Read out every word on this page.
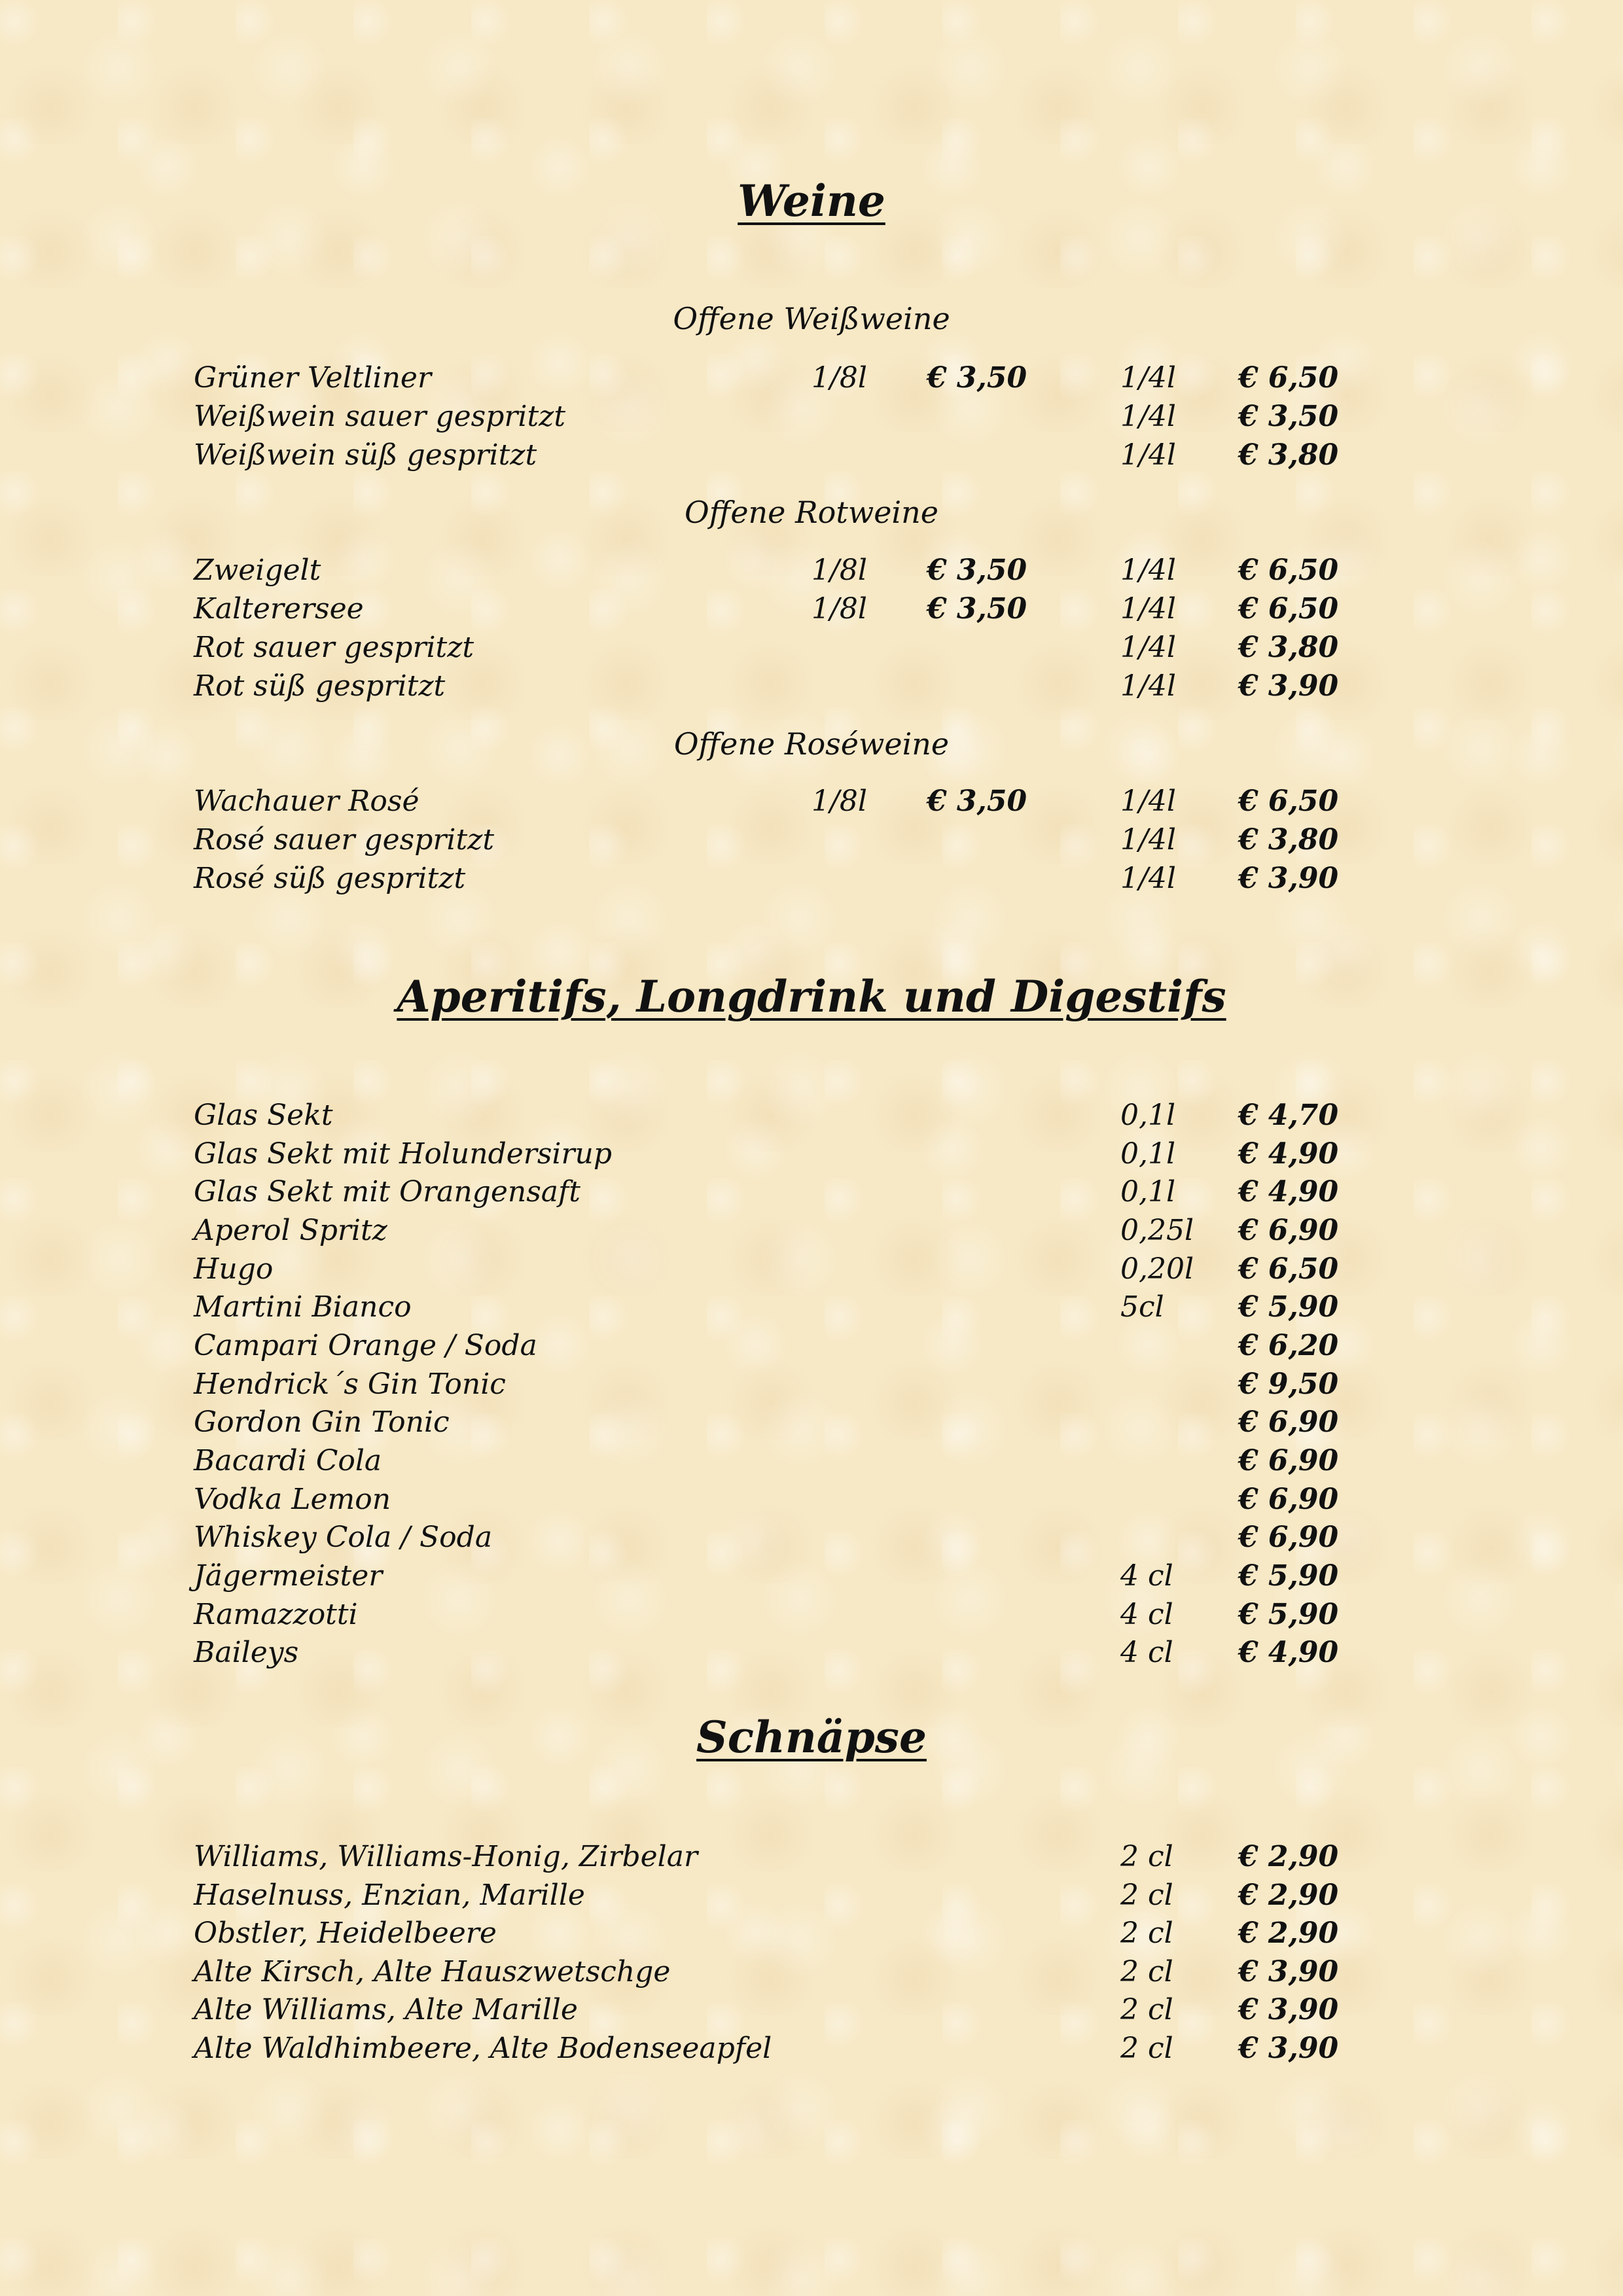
Weine
Offene Weißweine
Grüner Veltliner	1/8l € 3,50	1/4l € 6,50
Weißwein sauer gespritzt	1/4l € 3,50
Weißwein süß gespritzt	1/4l € 3,80
Offene Rotweine
Zweigelt	1/8l € 3,50	1/4l € 6,50
Kalterersee	1/8l € 3,50	1/4l € 6,50
Rot sauer gespritzt	1/4l € 3,80
Rot süß gespritzt	1/4l € 3,90
Offene Roséweine
Wachauer Rosé	1/8l € 3,50	1/4l € 6,50
Rosé sauer gespritzt	1/4l € 3,80
Rosé süß gespritzt	1/4l € 3,90
Aperitifs, Longdrink und Digestifs
Glas Sekt	0,1l € 4,70
Glas Sekt mit Holundersirup	0,1l € 4,90
Glas Sekt mit Orangensaft	0,1l € 4,90
Aperol Spritz	0,25l € 6,90
Hugo	0,20l € 6,50
Martini Bianco	5cl	€ 5,90
Campari Orange / Soda	€ 6,20
Hendrick´s Gin Tonic	€ 9,50
Gordon Gin Tonic	€ 6,90
Bacardi Cola	€ 6,90
Vodka Lemon	€ 6,90
Whiskey Cola / Soda	€ 6,90
Jägermeister	4 cl € 5,90
Ramazzotti	4 cl € 5,90
Baileys	4 cl € 4,90
Schnäpse
Williams, Williams-Honig, Zirbelar	2 cl € 2,90
Haselnuss, Enzian, Marille	2 cl € 2,90
Obstler, Heidelbeere	2 cl € 2,90
Alte Kirsch, Alte Hauszwetschge	2 cl € 3,90
Alte Williams, Alte Marille	2 cl € 3,90
Alte Waldhimbeere, Alte Bodenseeapfel	2 cl € 3,90
